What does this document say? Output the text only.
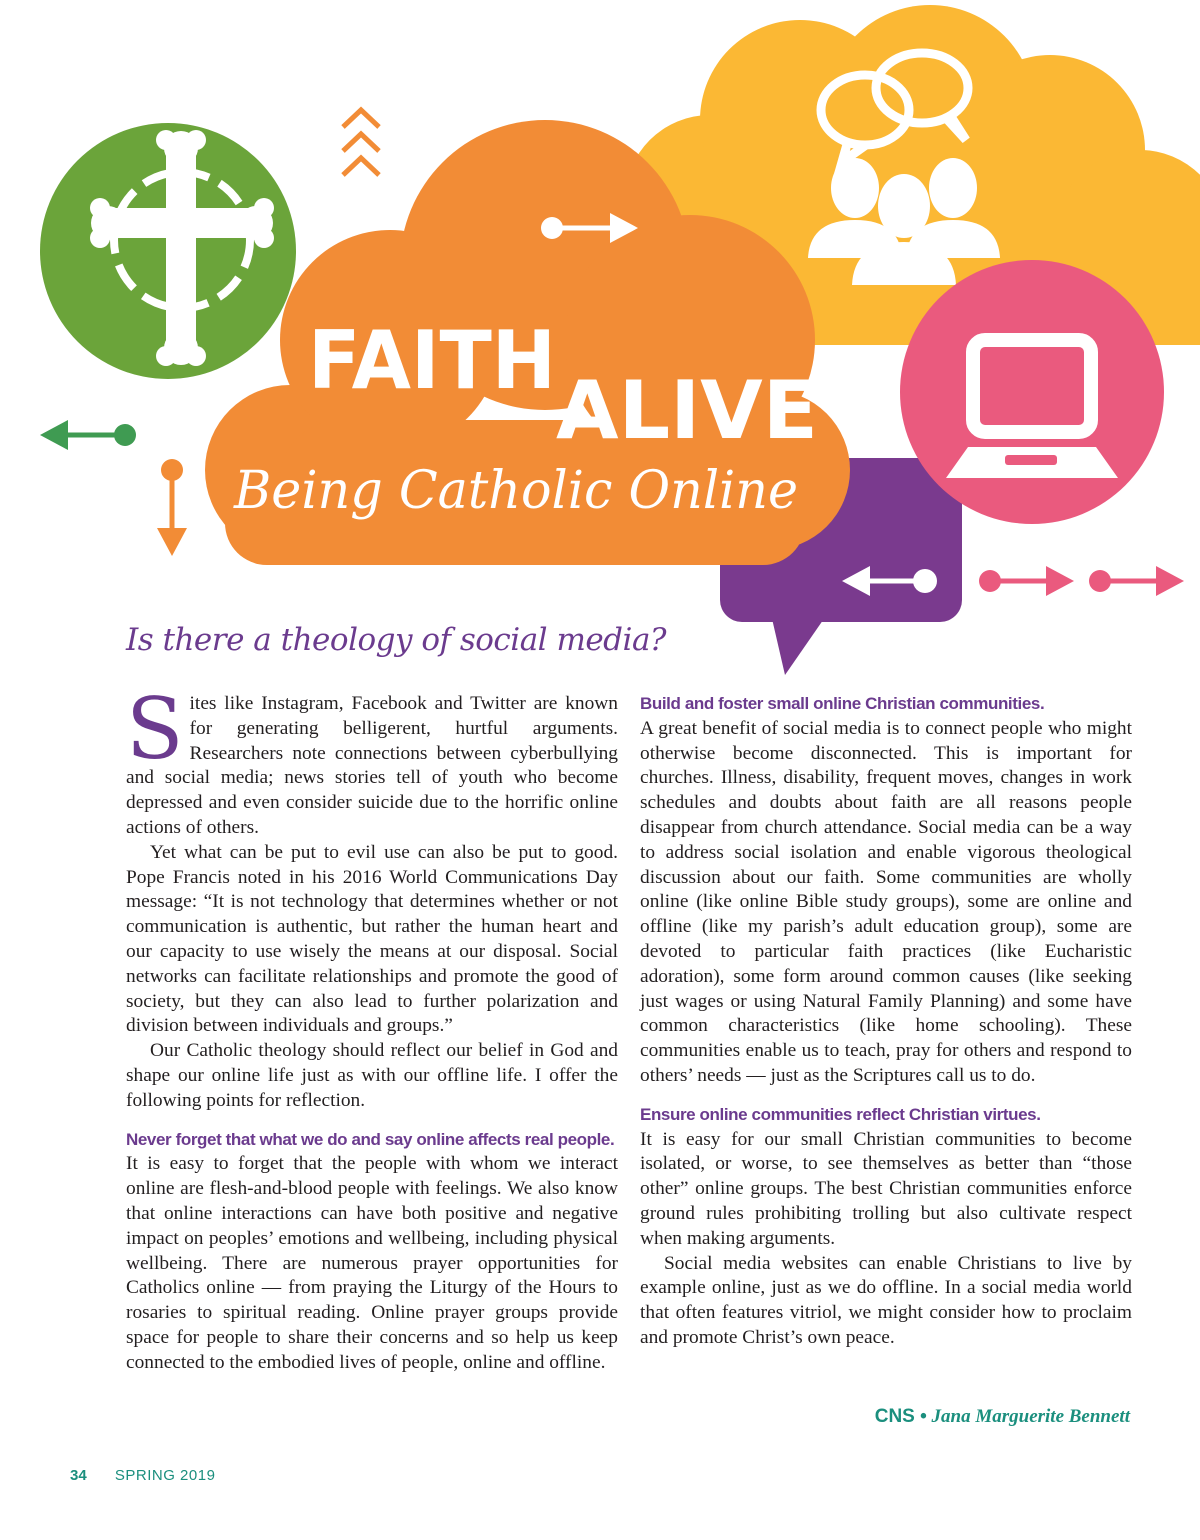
FAITH
ALIVE
Being Catholic Online
Is there a theology of social media?

Sites like Instagram, Facebook and Twitter are known for generating belligerent, hurtful arguments. Researchers note connections between cyberbullying and social media; news stories tell of youth who become depressed and even consider suicide due to the horrific online actions of others.

Yet what can be put to evil use can also be put to good. Pope Francis noted in his 2016 World Communications Day message: “It is not technology that determines whether or not communication is authentic, but rather the human heart and our capacity to use wisely the means at our disposal. Social networks can facilitate relationships and promote the good of society, but they can also lead to further polarization and division between individuals and groups.”

Our Catholic theology should reflect our belief in God and shape our online life just as with our offline life. I offer the following points for reflection.

Never forget that what we do and say online affects real people.

It is easy to forget that the people with whom we interact online are flesh-and-blood people with feelings. We also know that online interactions can have both positive and negative impact on peoples’ emotions and wellbeing, including physical wellbeing. There are numerous prayer opportunities for Catholics online — from praying the Liturgy of the Hours to rosaries to spiritual reading. Online prayer groups provide space for people to share their concerns and so help us keep connected to the embodied lives of people, online and offline.

Build and foster small online Christian communities.

A great benefit of social media is to connect people who might otherwise become disconnected. This is important for churches. Illness, disability, frequent moves, changes in work schedules and doubts about faith are all reasons people disappear from church attendance. Social media can be a way to address social isolation and enable vigorous theological discussion about our faith. Some communities are wholly online (like online Bible study groups), some are online and offline (like my parish’s adult education group), some are devoted to particular faith practices (like Eucharistic adoration), some form around common causes (like seeking just wages or using Natural Family Planning) and some have common characteristics (like home schooling). These communities enable us to teach, pray for others and respond to others’ needs — just as the Scriptures call us to do.

Ensure online communities reflect Christian virtues.

It is easy for our small Christian communities to become isolated, or worse, to see themselves as better than “those other” online groups. The best Christian communities enforce ground rules prohibiting trolling but also cultivate respect when making arguments.

Social media websites can enable Christians to live by example online, just as we do offline. In a social media world that often features vitriol, we might consider how to proclaim and promote Christ’s own peace.

CNS • Jana Marguerite Bennett

34 SPRING 2019
